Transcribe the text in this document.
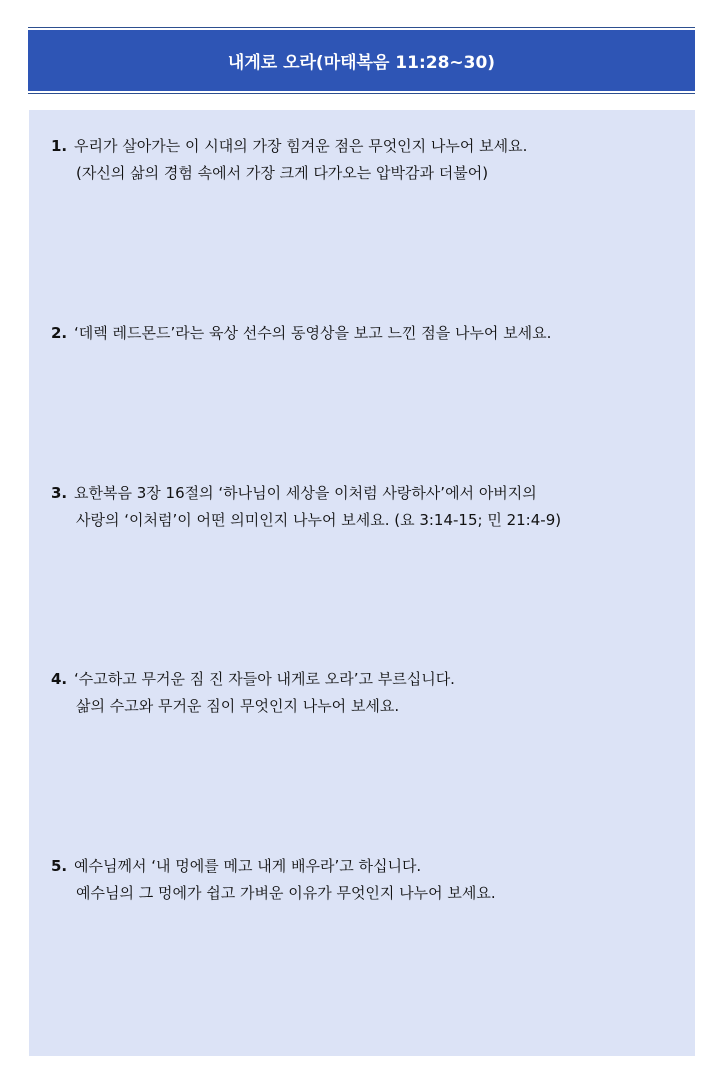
내게로 오라(마태복음 11:28~30)
1. 우리가 살아가는 이 시대의 가장 힘겨운 점은 무엇인지 나누어 보세요.
(자신의 삶의 경험 속에서 가장 크게 다가오는 압박감과 더불어)
2. ‘데렉 레드몬드’라는 육상 선수의 동영상을 보고 느낀 점을 나누어 보세요.
3. 요한복음 3장 16절의 ‘하나님이 세상을 이처럼 사랑하사’에서 아버지의
사랑의 ‘이처럼’이 어떤 의미인지 나누어 보세요. (요 3:14-15; 민 21:4-9)
4. ‘수고하고 무거운 짐 진 자들아 내게로 오라’고 부르십니다.
삶의 수고와 무거운 짐이 무엇인지 나누어 보세요.
5. 예수님께서 ‘내 멍에를 메고 내게 배우라’고 하십니다.
예수님의 그 멍에가 쉽고 가벼운 이유가 무엇인지 나누어 보세요.
